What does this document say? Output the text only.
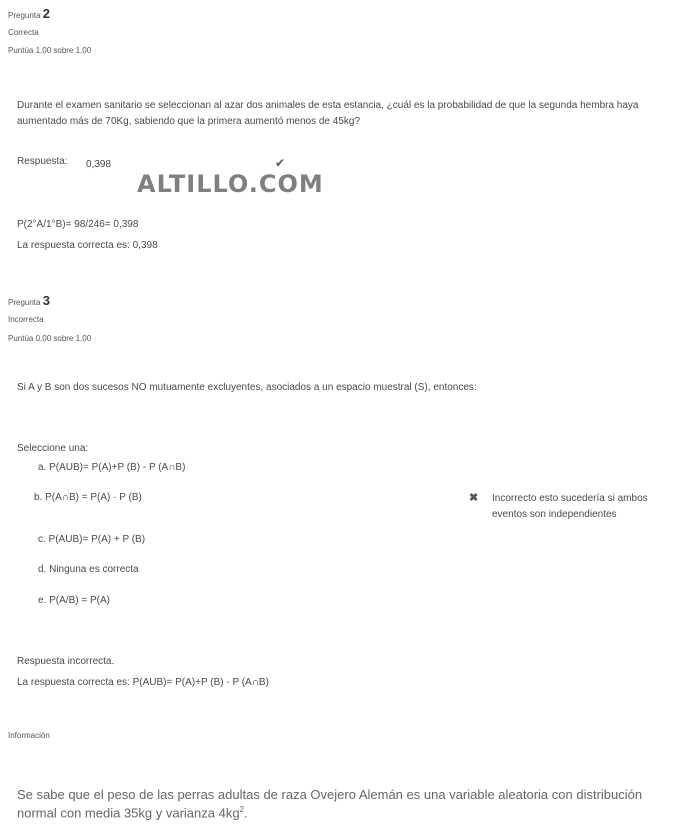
Pregunta 2
Correcta
Puntúa 1,00 sobre 1,00
Durante el examen sanitario se seleccionan al azar dos animales de esta estancia, ¿cuál es la probabilidad de que la segunda hembra haya aumentado más de 70Kg, sabiendo que la primera aumentó menos de 45kg?
Respuesta: 0,398	✔
ALTILLO.COM
P(2°A/1°B)= 98/246= 0,398
La respuesta correcta es: 0,398
Pregunta 3
Incorrecta
Puntúa 0,00 sobre 1,00
Si A y B son dos sucesos NO mutuamente excluyentes, asociados a un espacio muestral (S), entonces:
Seleccione una:
a. P(AUB)= P(A)+P (B) - P (A∩B)
b. P(A∩B) = P(A) · P (B)	✖ Incorrecto esto sucedería si ambos
eventos son independientes
c. P(AUB)= P(A) + P (B)
d. Ninguna es correcta
e. P(A/B) = P(A)
Respuesta incorrecta.
La respuesta correcta es: P(AUB)= P(A)+P (B) - P (A∩B)
Información
Se sabe que el peso de las perras adultas de raza Ovejero Alemán es una variable aleatoria con distribución
normal con media 35kg y varianza $4kg^2$.
